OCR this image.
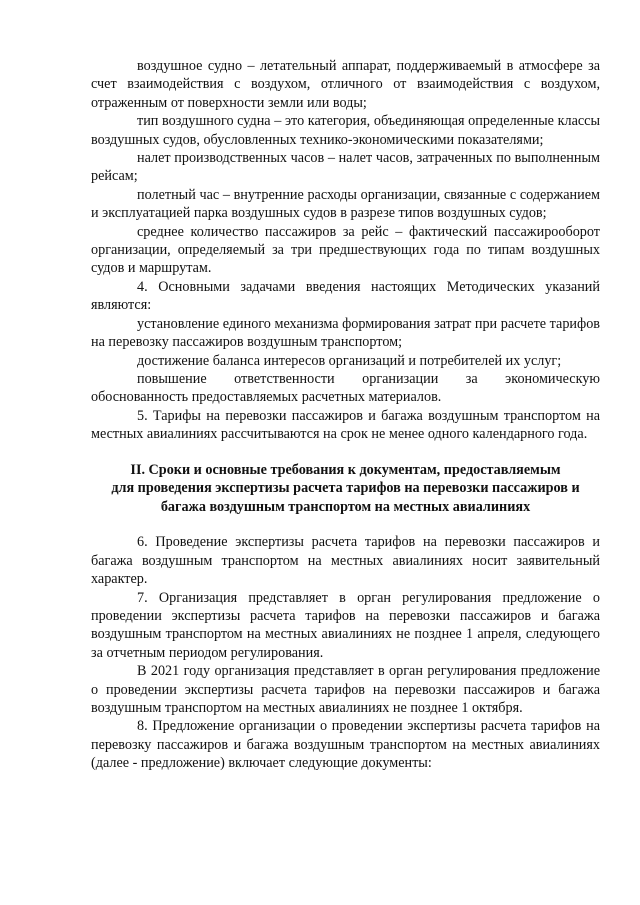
воздушное судно – летательный аппарат, поддерживаемый в атмосфере за счет взаимодействия с воздухом, отличного от взаимодействия с воздухом, отраженным от поверхности земли или воды;

тип воздушного судна – это категория, объединяющая определенные классы воздушных судов, обусловленных технико-экономическими показателями;

налет производственных часов – налет часов, затраченных по выполненным рейсам;

полетный час – внутренние расходы организации, связанные с содержанием и эксплуатацией парка воздушных судов в разрезе типов воздушных судов;

среднее количество пассажиров за рейс – фактический пассажирооборот организации, определяемый за три предшествующих года по типам воздушных судов и маршрутам.

4. Основными задачами введения настоящих Методических указаний являются:

установление единого механизма формирования затрат при расчете тарифов на перевозку пассажиров воздушным транспортом;

достижение баланса интересов организаций и потребителей их услуг;

повышение ответственности организации за экономическую обоснованность предоставляемых расчетных материалов.

5. Тарифы на перевозки пассажиров и багажа воздушным транспортом на местных авиалиниях рассчитываются на срок не менее одного календарного года.

II. Сроки и основные требования к документам, предоставляемым
для проведения экспертизы расчета тарифов на перевозки пассажиров и
багажа воздушным транспортом на местных авиалиниях

6. Проведение экспертизы расчета тарифов на перевозки пассажиров и багажа воздушным транспортом на местных авиалиниях носит заявительный характер.

7. Организация представляет в орган регулирования предложение о проведении экспертизы расчета тарифов на перевозки пассажиров и багажа воздушным транспортом на местных авиалиниях не позднее 1 апреля, следующего за отчетным периодом регулирования.

В 2021 году организация представляет в орган регулирования предложение о проведении экспертизы расчета тарифов на перевозки пассажиров и багажа воздушным транспортом на местных авиалиниях не позднее 1 октября.

8. Предложение организации о проведении экспертизы расчета тарифов на перевозку пассажиров и багажа воздушным транспортом на местных авиалиниях (далее - предложение) включает следующие документы:
